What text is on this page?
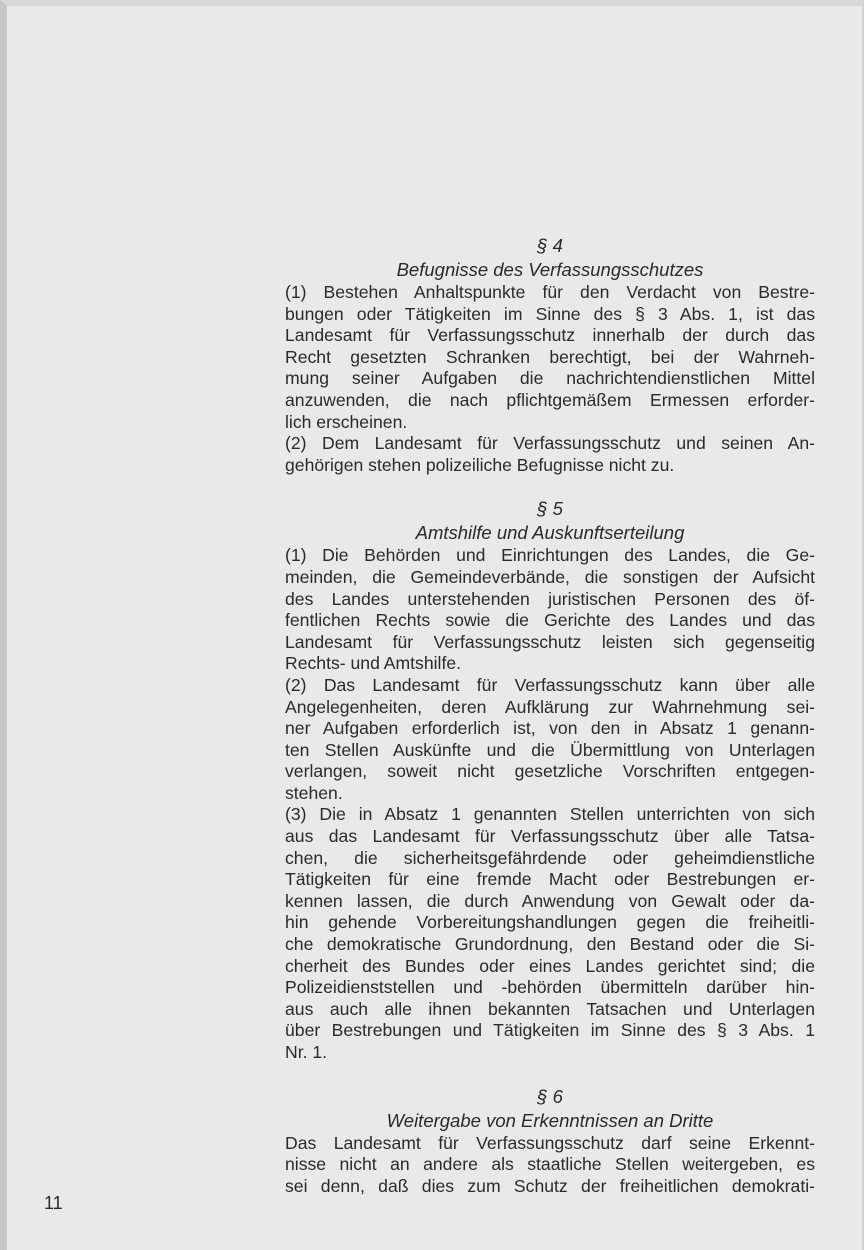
§ 4
Befugnisse des Verfassungsschutzes
(1) Bestehen Anhaltspunkte für den Verdacht von Bestre-
bungen oder Tätigkeiten im Sinne des § 3 Abs. 1, ist das
Landesamt für Verfassungsschutz innerhalb der durch das
Recht gesetzten Schranken berechtigt, bei der Wahrneh-
mung seiner Aufgaben die nachrichtendienstlichen Mittel
anzuwenden, die nach pflichtgemäßem Ermessen erforder-
lich erscheinen.
(2) Dem Landesamt für Verfassungsschutz und seinen An-
gehörigen stehen polizeiliche Befugnisse nicht zu.
§ 5
Amtshilfe und Auskunftserteilung
(1) Die Behörden und Einrichtungen des Landes, die Ge-
meinden, die Gemeindeverbände, die sonstigen der Aufsicht
des Landes unterstehenden juristischen Personen des öf-
fentlichen Rechts sowie die Gerichte des Landes und das
Landesamt für Verfassungsschutz leisten sich gegenseitig
Rechts- und Amtshilfe.
(2) Das Landesamt für Verfassungsschutz kann über alle
Angelegenheiten, deren Aufklärung zur Wahrnehmung sei-
ner Aufgaben erforderlich ist, von den in Absatz 1 genann-
ten Stellen Auskünfte und die Übermittlung von Unterlagen
verlangen, soweit nicht gesetzliche Vorschriften entgegen-
stehen.
(3) Die in Absatz 1 genannten Stellen unterrichten von sich
aus das Landesamt für Verfassungsschutz über alle Tatsa-
chen, die sicherheitsgefährdende oder geheimdienstliche
Tätigkeiten für eine fremde Macht oder Bestrebungen er-
kennen lassen, die durch Anwendung von Gewalt oder da-
hin gehende Vorbereitungshandlungen gegen die freiheitli-
che demokratische Grundordnung, den Bestand oder die Si-
cherheit des Bundes oder eines Landes gerichtet sind; die
Polizeidienststellen und -behörden übermitteln darüber hin-
aus auch alle ihnen bekannten Tatsachen und Unterlagen
über Bestrebungen und Tätigkeiten im Sinne des § 3 Abs. 1
Nr. 1.
§ 6
Weitergabe von Erkenntnissen an Dritte
Das Landesamt für Verfassungsschutz darf seine Erkennt-
nisse nicht an andere als staatliche Stellen weitergeben, es
sei denn, daß dies zum Schutz der freiheitlichen demokrati-
11
